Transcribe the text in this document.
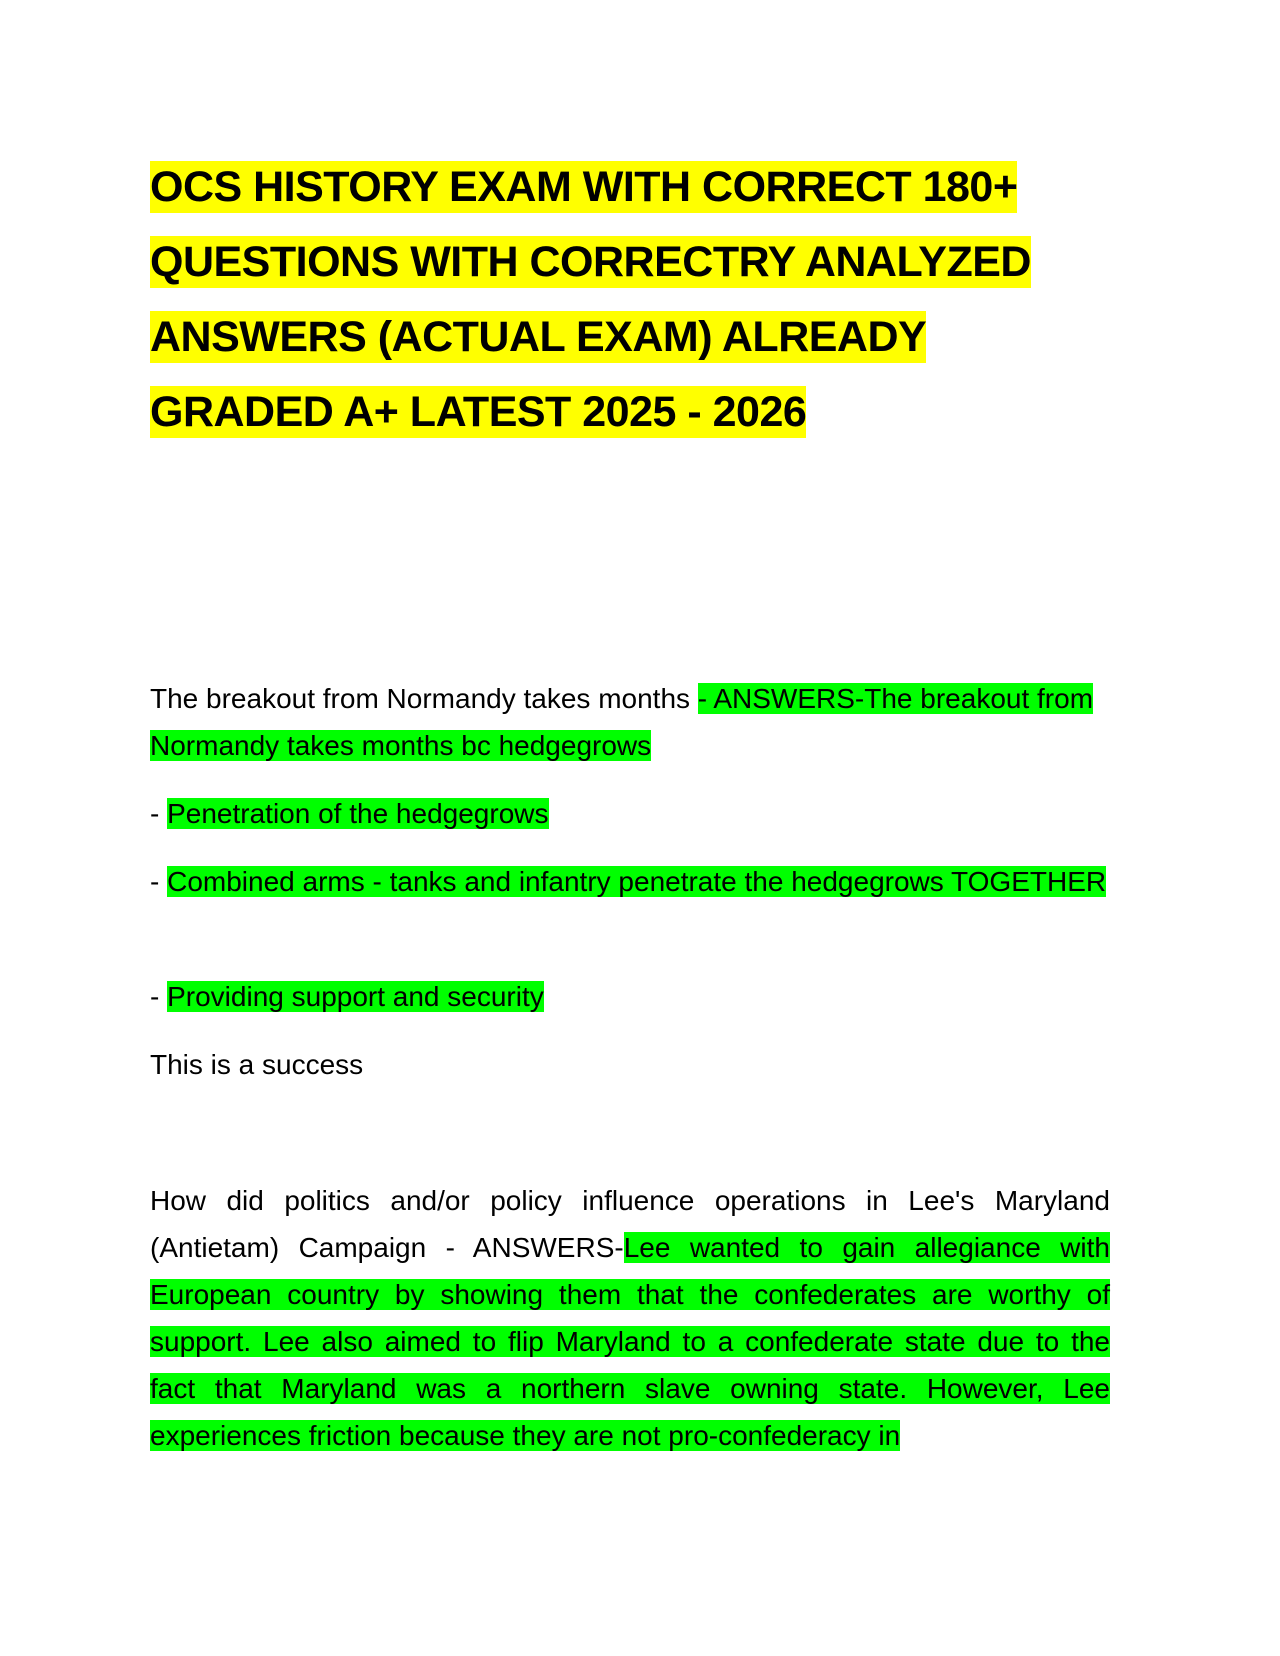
OCS HISTORY EXAM WITH CORRECT 180+ QUESTIONS WITH CORRECTRY ANALYZED ANSWERS (ACTUAL EXAM) ALREADY GRADED A+ LATEST 2025 - 2026

The breakout from Normandy takes months - ANSWERS-The breakout from Normandy takes months bc hedgegrows

- Penetration of the hedgegrows

- Combined arms - tanks and infantry penetrate the hedgegrows TOGETHER

- Providing support and security

This is a success

How did politics and/or policy influence operations in Lee's Maryland (Antietam) Campaign - ANSWERS-Lee wanted to gain allegiance with European country by showing them that the confederates are worthy of support. Lee also aimed to flip Maryland to a confederate state due to the fact that Maryland was a northern slave owning state. However, Lee experiences friction because they are not pro-confederacy in
